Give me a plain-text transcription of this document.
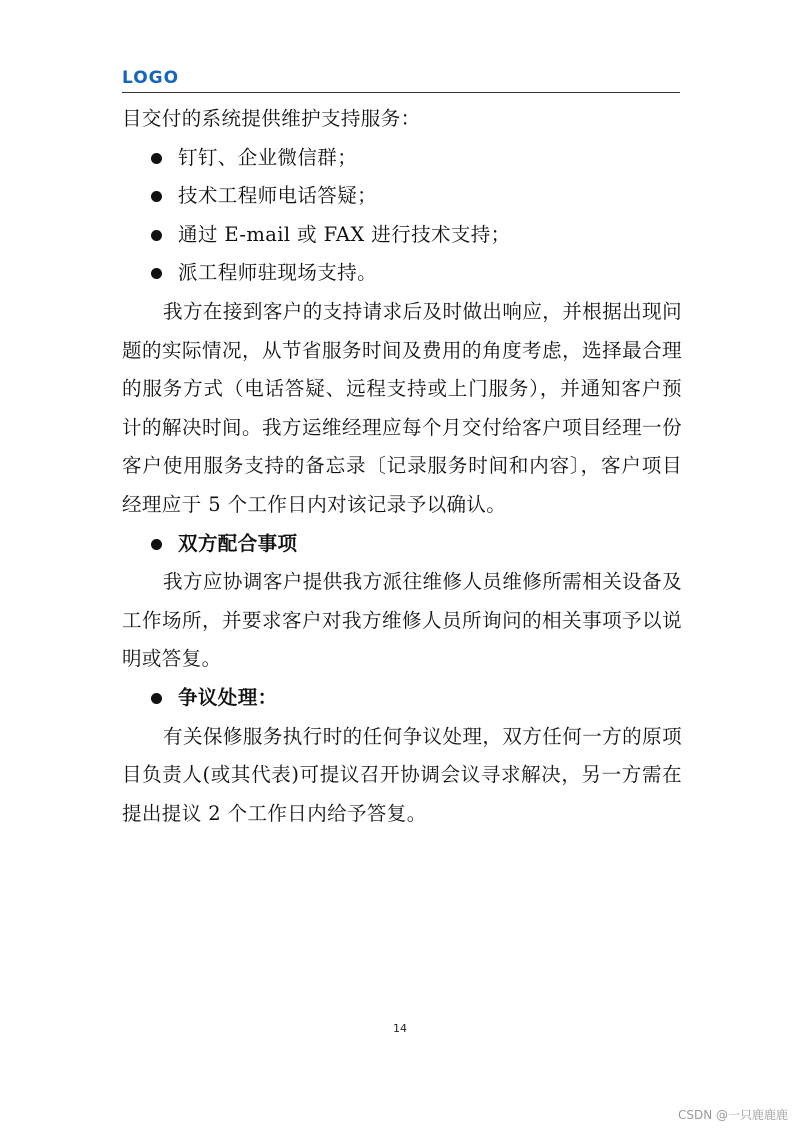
LOGO

目交付的系统提供维护支持服务：

钉钉、企业微信群；

技术工程师电话答疑；

通过 E-mail 或 FAX 进行技术支持；

派工程师驻现场支持。

我方在接到客户的支持请求后及时做出响应，并根据出现问题的实际情况，从节省服务时间及费用的角度考虑，选择最合理的服务方式（电话答疑、远程支持或上门服务），并通知客户预计的解决时间。我方运维经理应每个月交付给客户项目经理一份客户使用服务支持的备忘录〔记录服务时间和内容〕，客户项目经理应于 5 个工作日内对该记录予以确认。

双方配合事项

我方应协调客户提供我方派往维修人员维修所需相关设备及工作场所，并要求客户对我方维修人员所询问的相关事项予以说明或答复。

争议处理：

有关保修服务执行时的任何争议处理，双方任何一方的原项目负责人(或其代表)可提议召开协调会议寻求解决，另一方需在提出提议 2 个工作日内给予答复。

14
CSDN @一只鹿鹿鹿
